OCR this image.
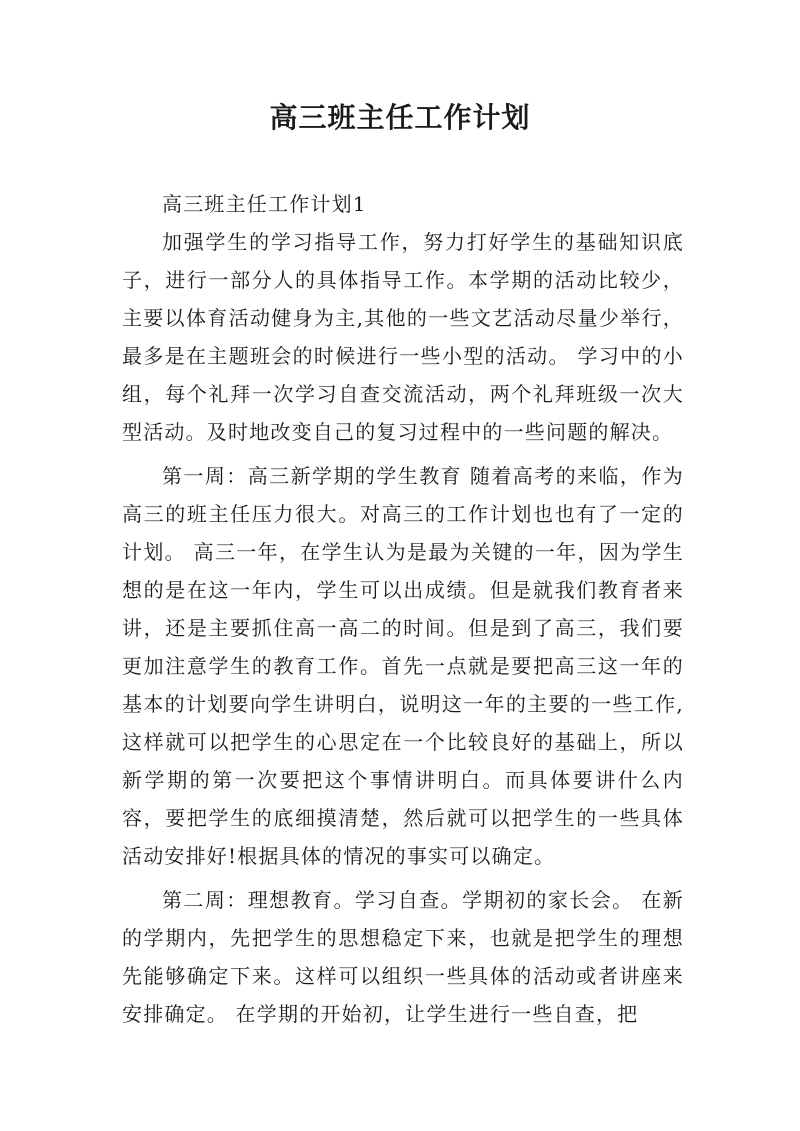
高三班主任工作计划

高三班主任工作计划1

加强学生的学习指导工作，努力打好学生的基础知识底子，进行一部分人的具体指导工作。本学期的活动比较少，主要以体育活动健身为主,其他的一些文艺活动尽量少举行，最多是在主题班会的时候进行一些小型的活动。 学习中的小组，每个礼拜一次学习自查交流活动，两个礼拜班级一次大型活动。及时地改变自己的复习过程中的一些问题的解决。

第一周：高三新学期的学生教育 随着高考的来临，作为高三的班主任压力很大。对高三的工作计划也也有了一定的计划。 高三一年，在学生认为是最为关键的一年，因为学生想的是在这一年内，学生可以出成绩。但是就我们教育者来讲，还是主要抓住高一高二的时间。但是到了高三，我们要更加注意学生的教育工作。首先一点就是要把高三这一年的基本的计划要向学生讲明白，说明这一年的主要的一些工作,这样就可以把学生的心思定在一个比较良好的基础上，所以新学期的第一次要把这个事情讲明白。而具体要讲什么内容，要把学生的底细摸清楚，然后就可以把学生的一些具体活动安排好!根据具体的情况的事实可以确定。

第二周：理想教育。学习自查。学期初的家长会。 在新的学期内，先把学生的思想稳定下来，也就是把学生的理想先能够确定下来。这样可以组织一些具体的活动或者讲座来安排确定。 在学期的开始初，让学生进行一些自查，把
